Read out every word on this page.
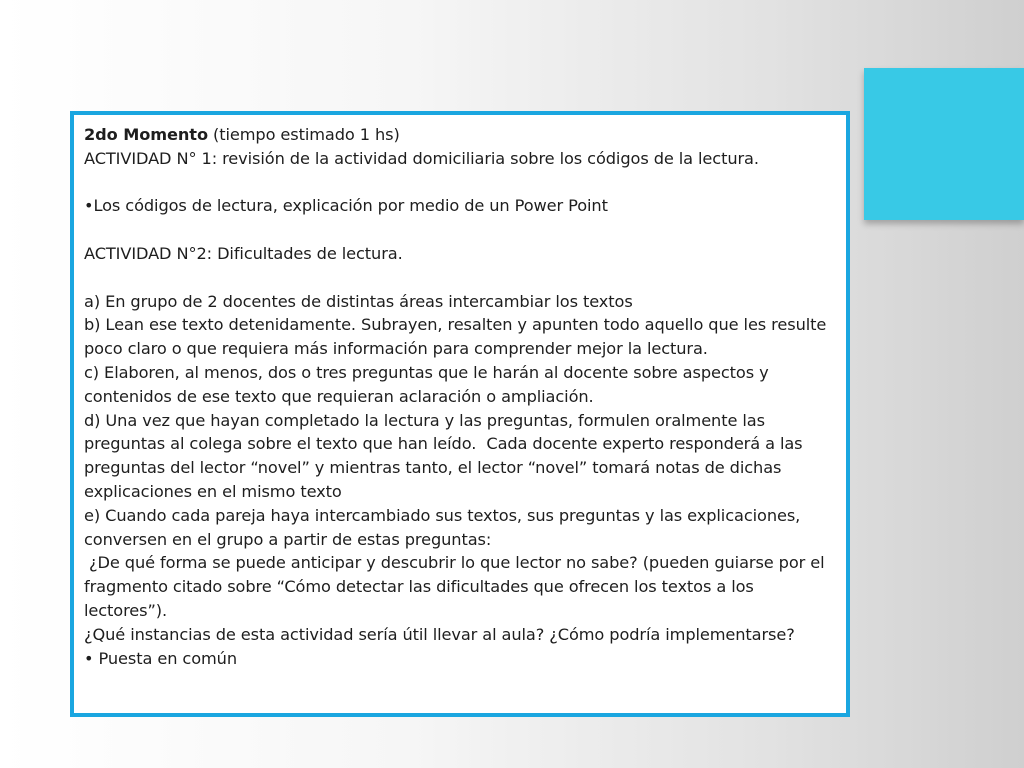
2do Momento (tiempo estimado 1 hs)

ACTIVIDAD N° 1: revisión de la actividad domiciliaria sobre los códigos de la lectura.

•Los códigos de lectura, explicación por medio de un Power Point

ACTIVIDAD N°2: Dificultades de lectura.

a) En grupo de 2 docentes de distintas áreas intercambiar los textos

b) Lean ese texto detenidamente. Subrayen, resalten y apunten todo aquello que les resulte poco claro o que requiera más información para comprender mejor la lectura.

c) Elaboren, al menos, dos o tres preguntas que le harán al docente sobre aspectos y contenidos de ese texto que requieran aclaración o ampliación.

d) Una vez que hayan completado la lectura y las preguntas, formulen oralmente las preguntas al colega sobre el texto que han leído.  Cada docente experto responderá a las preguntas del lector “novel” y mientras tanto, el lector “novel” tomará notas de dichas explicaciones en el mismo texto

e) Cuando cada pareja haya intercambiado sus textos, sus preguntas y las explicaciones, conversen en el grupo a partir de estas preguntas:

¿De qué forma se puede anticipar y descubrir lo que lector no sabe? (pueden guiarse por el fragmento citado sobre “Cómo detectar las dificultades que ofrecen los textos a los lectores”).

¿Qué instancias de esta actividad sería útil llevar al aula? ¿Cómo podría implementarse?

• Puesta en común
